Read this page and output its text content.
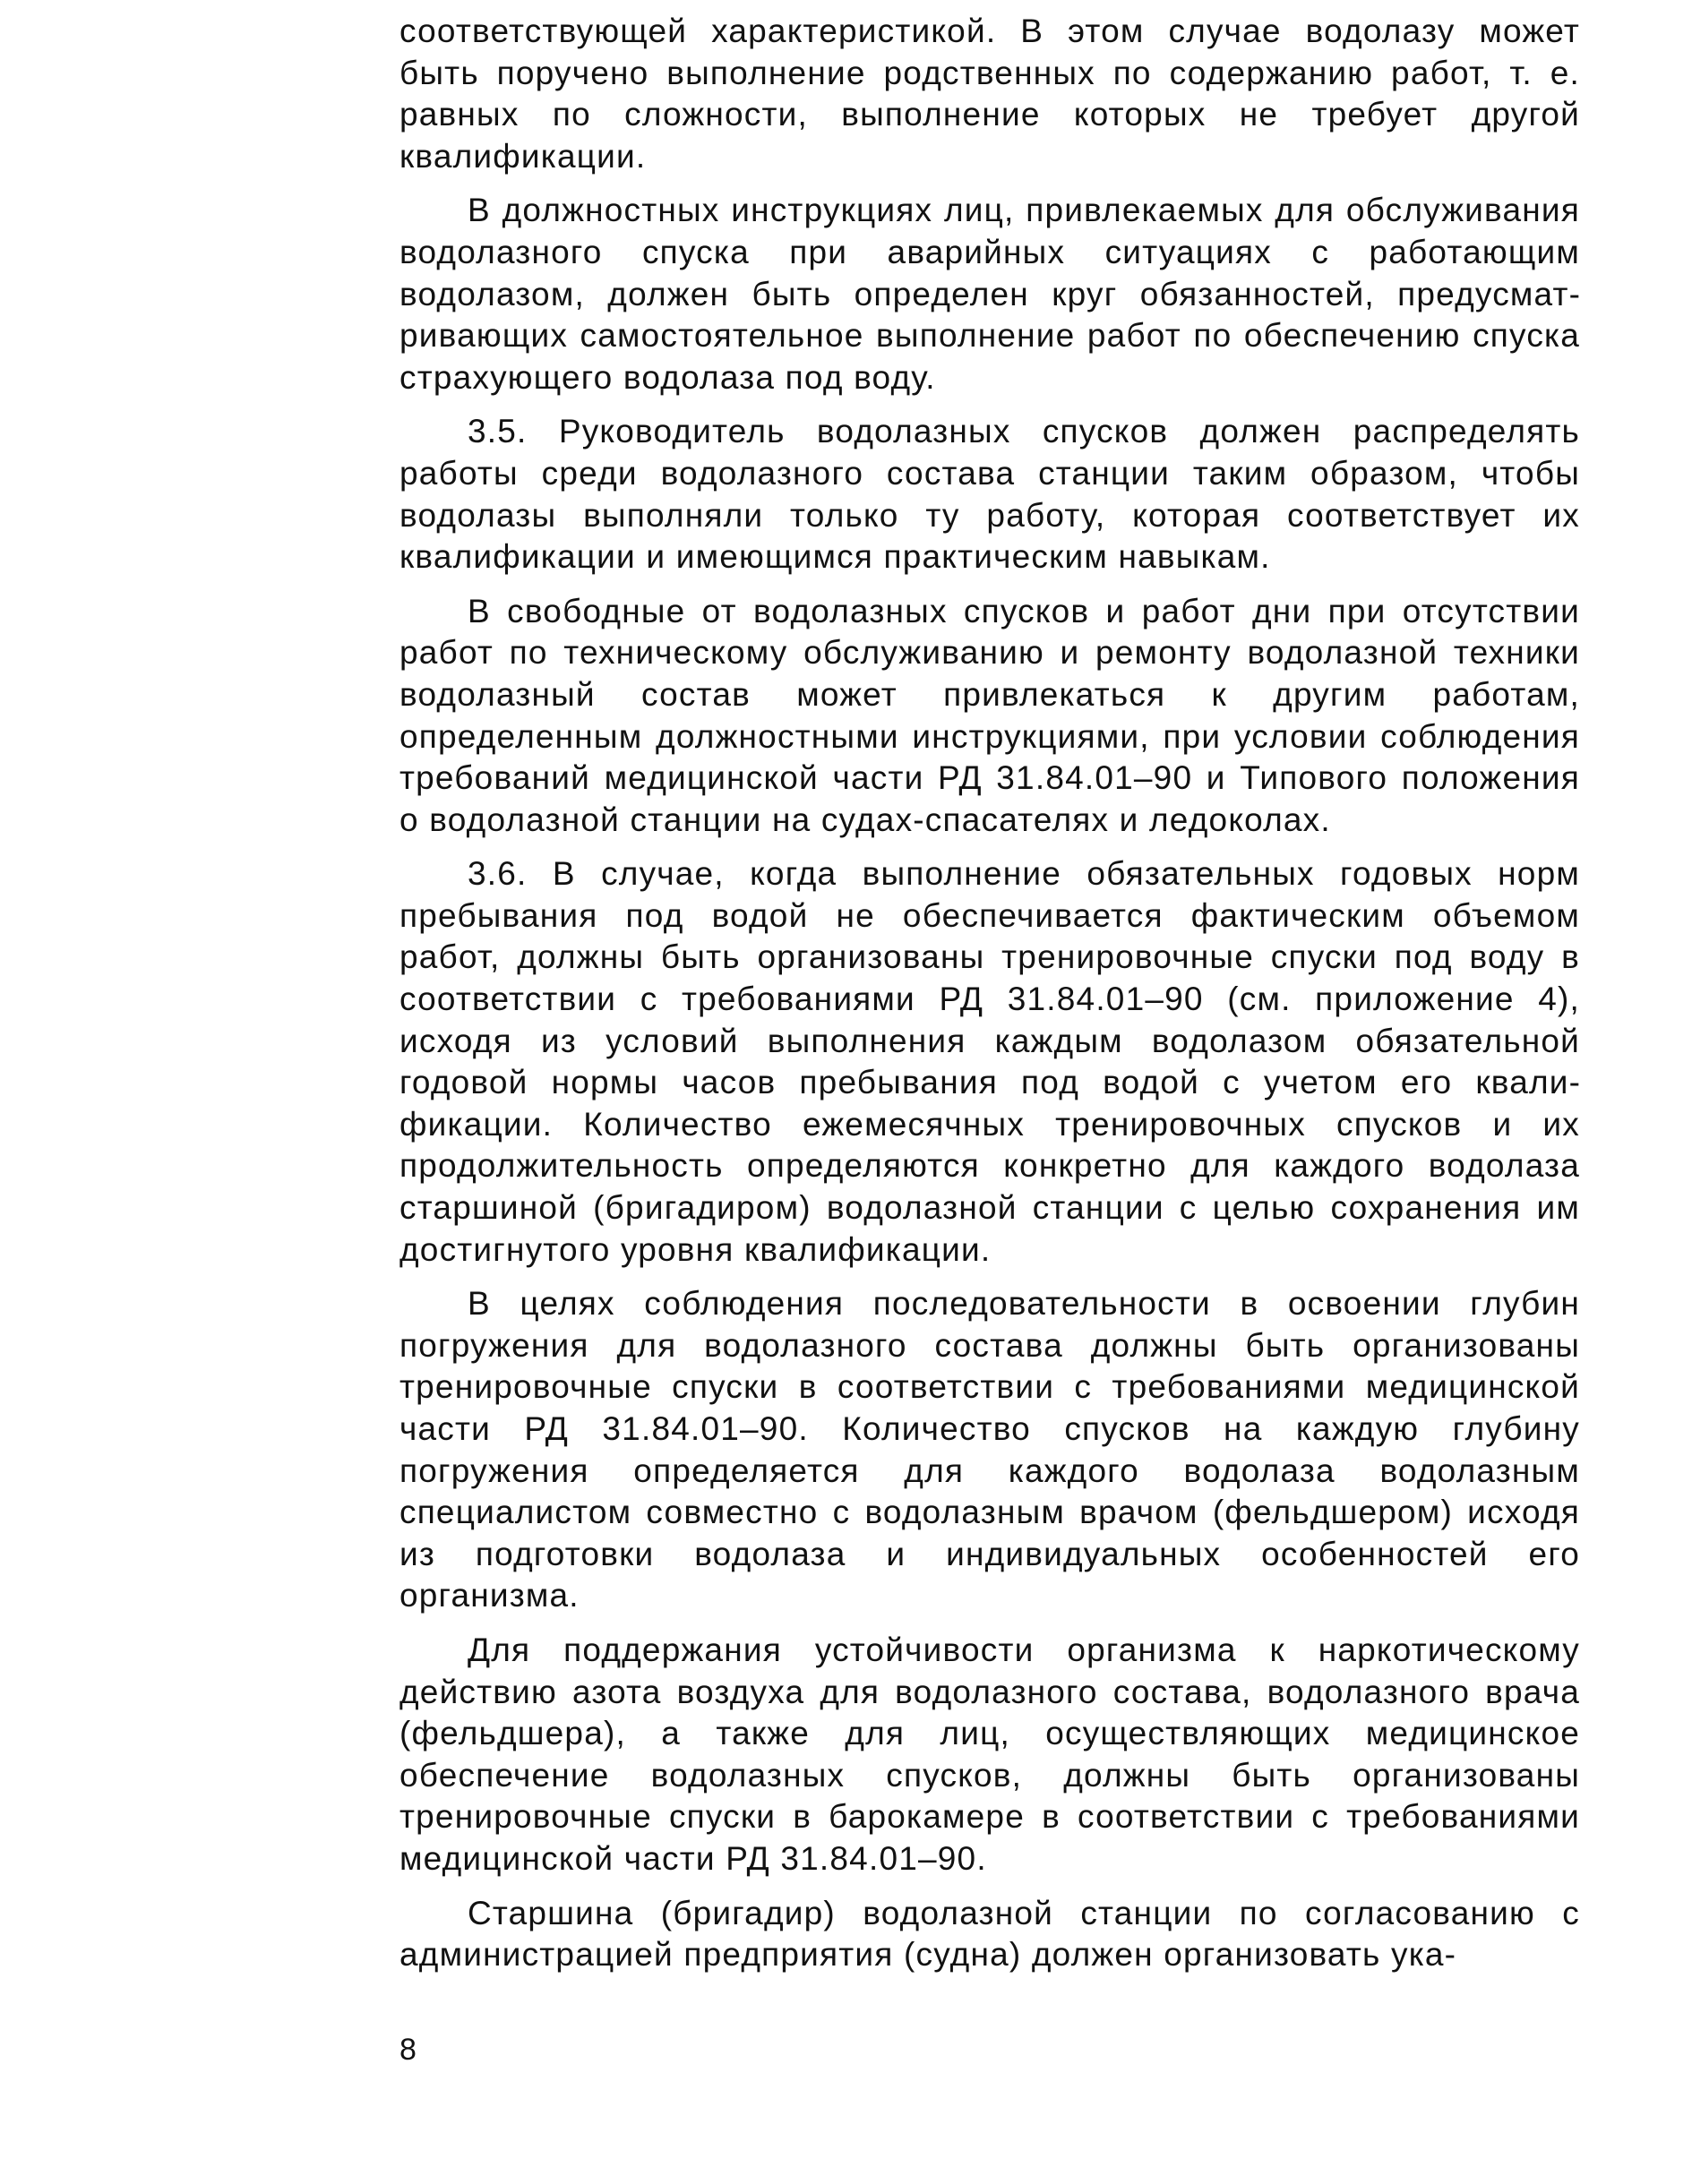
соответствующей характеристикой. В этом случае водолазу может быть поручено выполнение родственных по содержанию работ, т. е. равных по сложности, выполнение которых не требует другой квалификации.

В должностных инструкциях лиц, привлекаемых для обслуживания водолазного спуска при аварийных ситуациях с работающим водолазом, должен быть определен круг обязанностей, предусматривающих самостоятельное выполнение работ по обеспечению спуска страхующего водолаза под воду.

3.5. Руководитель водолазных спусков должен распределять работы среди водолазного состава станции таким образом, чтобы водолазы выполняли только ту работу, которая соответствует их квалификации и имеющимся практическим навыкам.

В свободные от водолазных спусков и работ дни при отсутствии работ по техническому обслуживанию и ремонту водолазной техники водолазный состав может привлекаться к другим работам, определенным должностными инструкциями, при условии соблюдения требований медицинской части РД 31.84.01–90 и Типового положения о водолазной станции на судах-спасателях и ледоколах.

3.6. В случае, когда выполнение обязательных годовых норм пребывания под водой не обеспечивается фактическим объемом работ, должны быть организованы тренировочные спуски под воду в соответствии с требованиями РД 31.84.01–90 (см. приложение 4), исходя из условий выполнения каждым водолазом обязательной годовой нормы часов пребывания под водой с учетом его квалификации. Количество ежемесячных тренировочных спусков и их продолжительность определяются конкретно для каждого водолаза старшиной (бригадиром) водолазной станции с целью сохранения им достигнутого уровня квалификации.

В целях соблюдения последовательности в освоении глубин погружения для водолазного состава должны быть организованы тренировочные спуски в соответствии с требованиями медицинской части РД 31.84.01–90. Количество спусков на каждую глубину погружения определяется для каждого водолаза водолазным специалистом совместно с водолазным врачом (фельдшером) исходя из подготовки водолаза и индивидуальных особенностей его организма.

Для поддержания устойчивости организма к наркотическому действию азота воздуха для водолазного состава, водолазного врача (фельдшера), а также для лиц, осуществляющих медицинское обеспечение водолазных спусков, должны быть организованы тренировочные спуски в барокамере в соответствии с требованиями медицинской части РД 31.84.01–90.

Старшина (бригадир) водолазной станции по согласованию с администрацией предприятия (судна) должен организовать ука-

8
